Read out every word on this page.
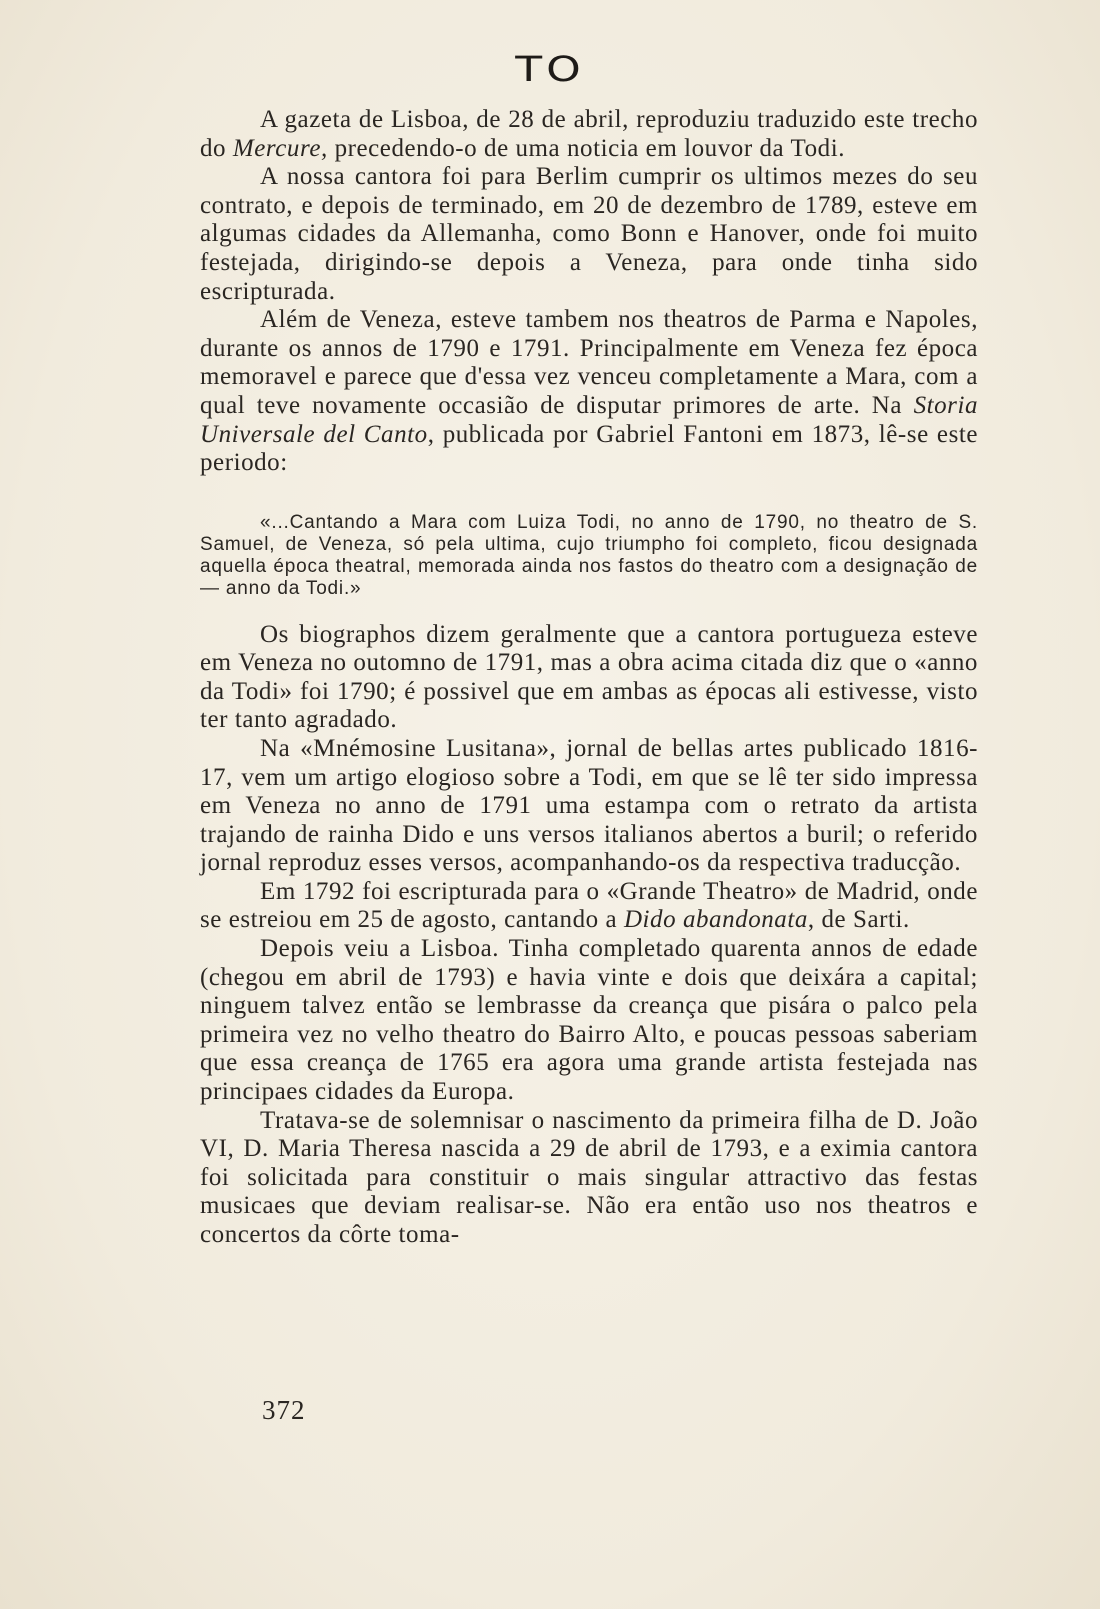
TO

A gazeta de Lisboa, de 28 de abril, reproduziu traduzido este trecho do Mercure, precedendo-o de uma noticia em louvor da Todi.

A nossa cantora foi para Berlim cumprir os ultimos mezes do seu contrato, e depois de terminado, em 20 de dezembro de 1789, esteve em algumas cidades da Allemanha, como Bonn e Hanover, onde foi muito festejada, dirigindo-se depois a Veneza, para onde tinha sido escripturada.

Além de Veneza, esteve tambem nos theatros de Parma e Napoles, durante os annos de 1790 e 1791. Principalmente em Veneza fez época memoravel e parece que d'essa vez venceu completamente a Mara, com a qual teve novamente occasião de disputar primores de arte. Na Storia Universale del Canto, publicada por Gabriel Fantoni em 1873, lê-se este periodo:

«...Cantando a Mara com Luiza Todi, no anno de 1790, no theatro de S. Samuel, de Veneza, só pela ultima, cujo triumpho foi completo, ficou designada aquella época theatral, memorada ainda nos fastos do theatro com a designação de — anno da Todi.»

Os biographos dizem geralmente que a cantora portugueza esteve em Veneza no outomno de 1791, mas a obra acima citada diz que o «anno da Todi» foi 1790; é possivel que em ambas as épocas ali estivesse, visto ter tanto agradado.

Na «Mnémosine Lusitana», jornal de bellas artes publicado 1816-17, vem um artigo elogioso sobre a Todi, em que se lê ter sido impressa em Veneza no anno de 1791 uma estampa com o retrato da artista trajando de rainha Dido e uns versos italianos abertos a buril; o referido jornal reproduz esses versos, acompanhando-os da respectiva traducção.

Em 1792 foi escripturada para o «Grande Theatro» de Madrid, onde se estreiou em 25 de agosto, cantando a Dido abandonata, de Sarti.

Depois veiu a Lisboa. Tinha completado quarenta annos de edade (chegou em abril de 1793) e havia vinte e dois que deixára a capital; ninguem talvez então se lembrasse da creança que pisára o palco pela primeira vez no velho theatro do Bairro Alto, e poucas pessoas saberiam que essa creança de 1765 era agora uma grande artista festejada nas principaes cidades da Europa.

Tratava-se de solemnisar o nascimento da primeira filha de D. João VI, D. Maria Theresa nascida a 29 de abril de 1793, e a eximia cantora foi solicitada para constituir o mais singular attractivo das festas musicaes que deviam realisar-se. Não era então uso nos theatros e concertos da côrte toma-

372
